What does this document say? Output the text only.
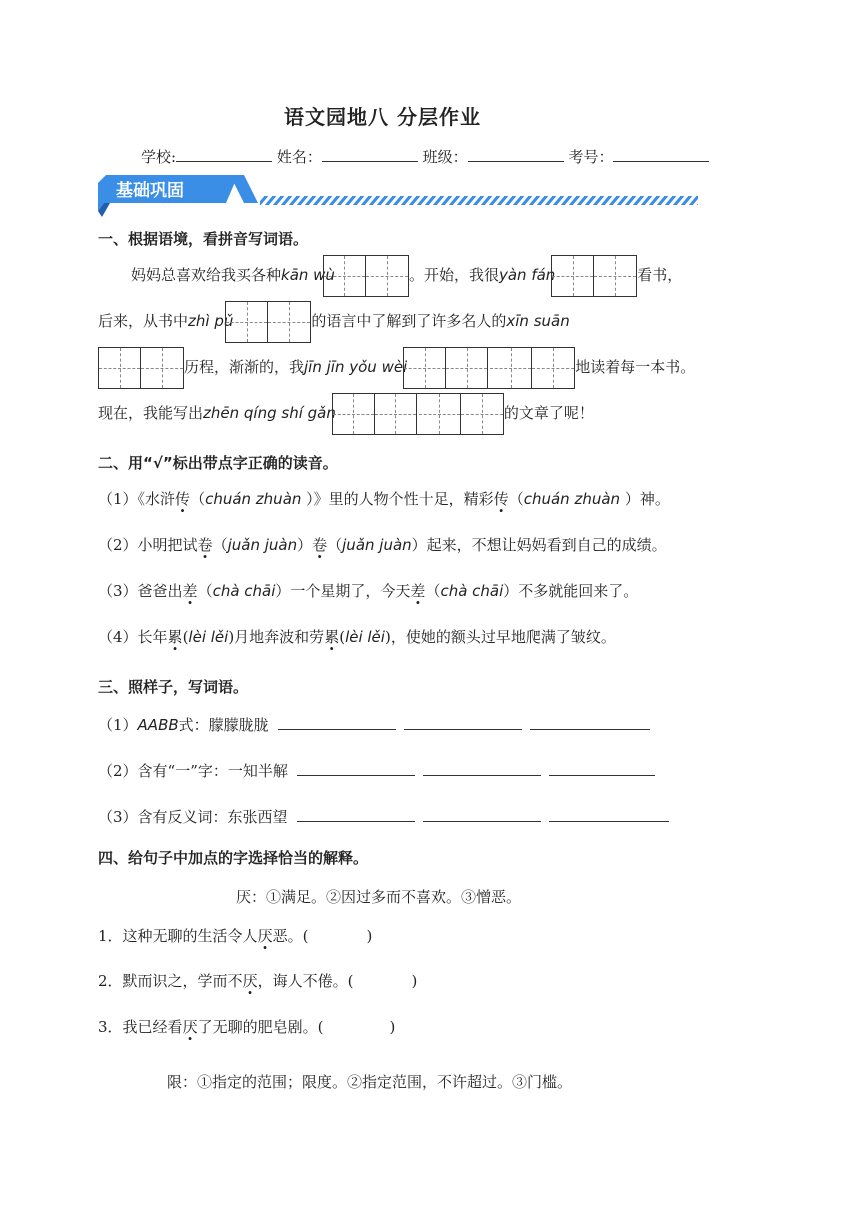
语文园地八 分层作业
学校:	姓名：	班级：	考号：
基础巩固
一、根据语境，看拼音写词语。
妈妈总喜欢给我买各种kān wù	。开始，我很yàn fán	看书，
后来，从书中zhì pǔ	的语言中了解到了许多名人的xīn suān
历程，渐渐的，我jīn jīn yǒu wèi	地读着每一本书。
现在，我能写出zhēn qíng shí gǎn	的文章了呢！
二、用“√”标出带点字正确的读音。
（1）《水浒传（chuán zhuàn ）》里的人物个性十足，精彩传（chuán zhuàn ）神。
（2）小明把试卷（juǎn juàn）卷（juǎn juàn）起来，不想让妈妈看到自己的成绩。
（3）爸爸出差（chà chāi）一个星期了，今天差（chà chāi）不多就能回来了。
（4）长年累(lèi lěi)月地奔波和劳累(lèi lěi)，使她的额头过早地爬满了皱纹。
三、照样子，写词语。
（1）AABB式：朦朦胧胧
（2）含有“一”字：一知半解
（3）含有反义词：东张西望
四、给句子中加点的字选择恰当的解释。
厌：①满足。②因过多而不喜欢。③憎恶。
1．这种无聊的生活令人厌恶。(	)
2．默而识之，学而不厌，诲人不倦。(	)
3．我已经看厌了无聊的肥皂剧。(	)
限：①指定的范围；限度。②指定范围，不许超过。③门槛。
